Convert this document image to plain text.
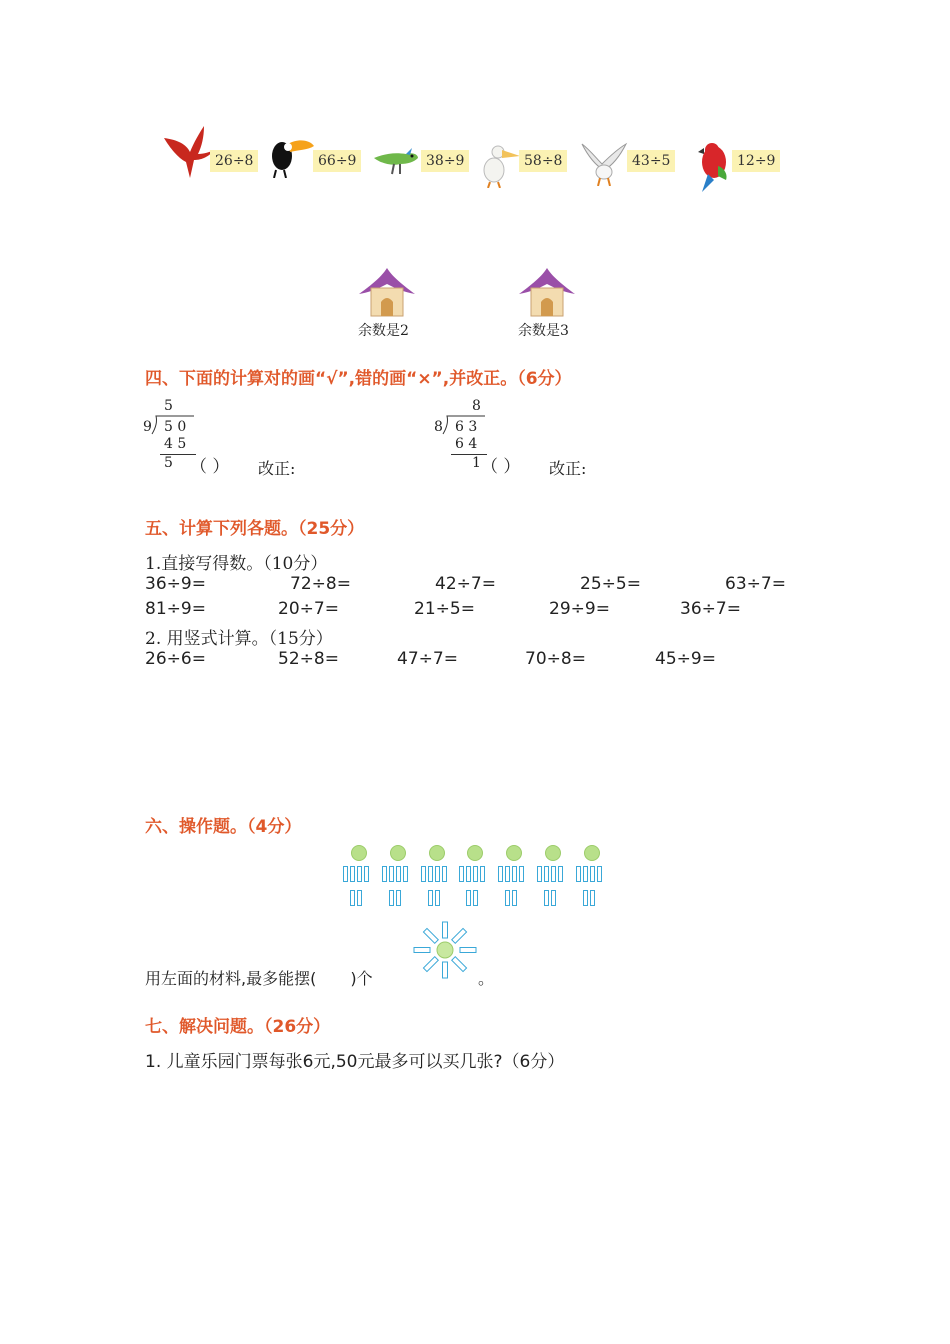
26÷8	66÷9	38÷9	58÷8	43÷5	12÷9
余数是2	余数是3
四、下面的计算对的画“√”,错的画“×”,并改正。（6分）
5
9 5 0
4 5
5 （ ） 改正:
8
8 6 3
6 4
1 （ ） 改正:
五、计算下列各题。（25分）
1.直接写得数。（10分）
36÷9=	72÷8=	42÷7=	25÷5=	63÷7=
81÷9=	20÷7=	21÷5=	29÷9=	36÷7=
2. 用竖式计算。（15分）
26÷6=	52÷8=	47÷7=	70÷8=	45÷9=
六、操作题。（4分）
用左面的材料,最多能摆( )个	。
七、解决问题。（26分）
1. 儿童乐园门票每张6元,50元最多可以买几张?（6分）
